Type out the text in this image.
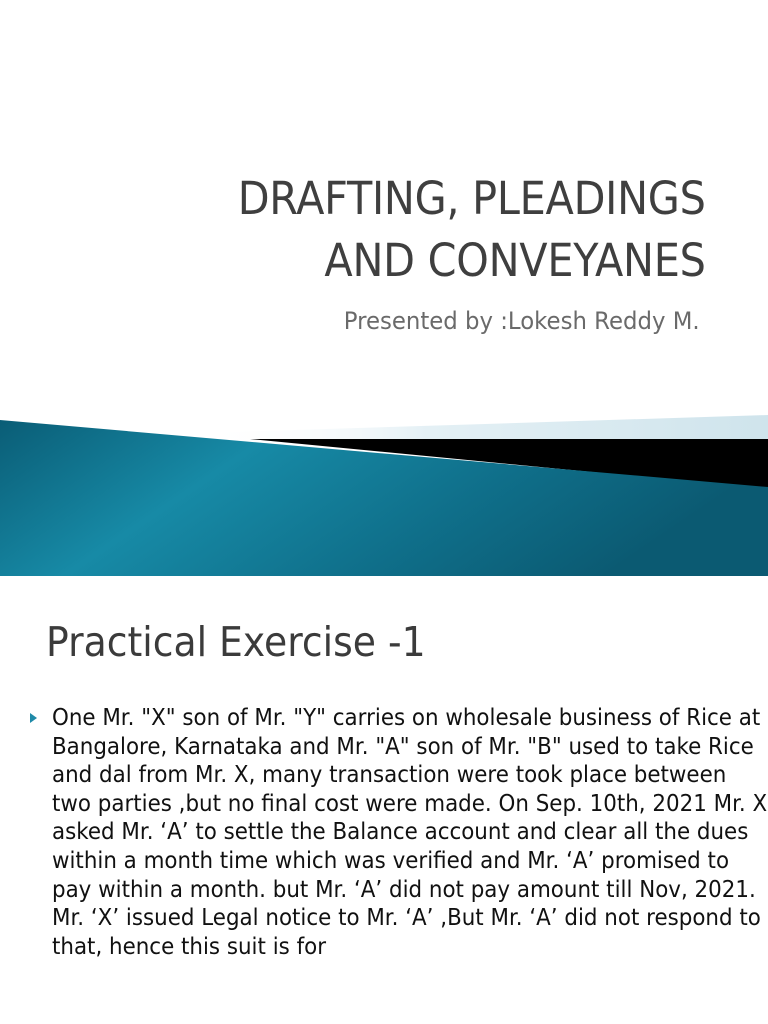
DRAFTING, PLEADINGS
AND CONVEYANES

Presented by :Lokesh Reddy M.

Practical Exercise -1
One Mr. "X" son of Mr. "Y" carries on wholesale business of Rice at Bangalore, Karnataka and Mr. "A" son of Mr. "B" used to take Rice and dal from Mr. X, many transaction were took place between two parties ,but no final cost were made. On Sep. 10th, 2021 Mr. X asked Mr. ‘A’ to settle the Balance account and clear all the dues within a month time which was verified and Mr. ‘A’ promised to pay within a month. but Mr. ‘A’ did not pay amount till Nov, 2021. Mr. ‘X’ issued Legal notice to Mr. ‘A’ ,But Mr. ‘A’ did not respond to that, hence this suit is for
